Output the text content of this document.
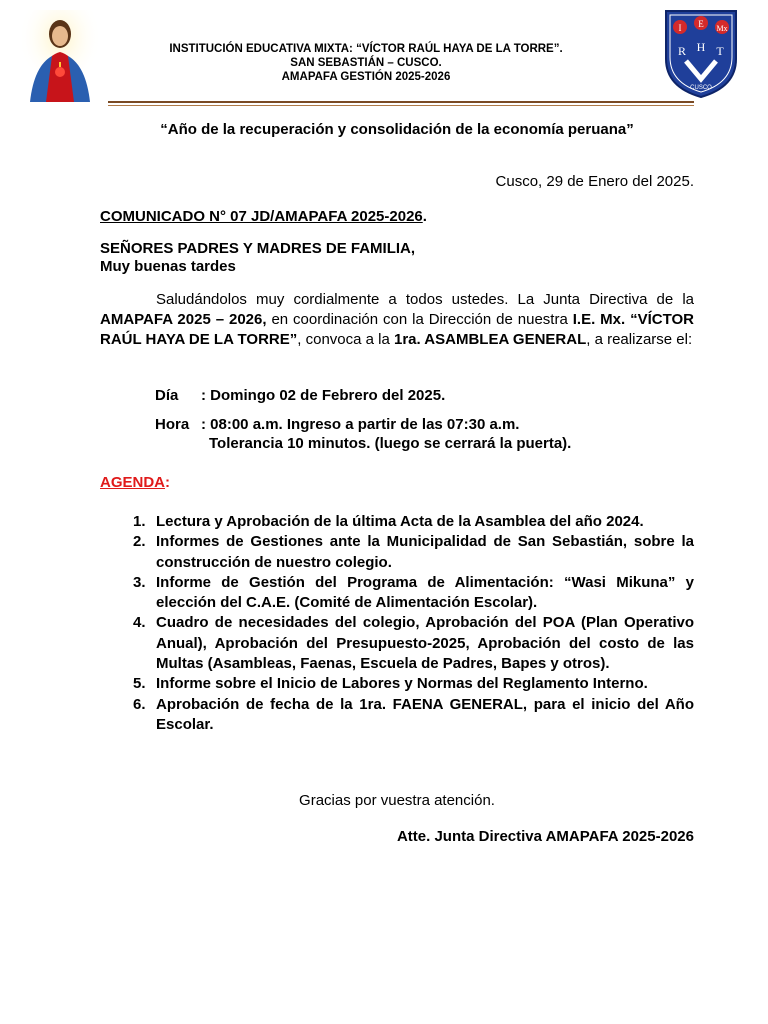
I E Mx
R H T
CUSCO
INSTITUCIÓN EDUCATIVA MIXTA: “VÍCTOR RAÚL HAYA DE LA TORRE”.
SAN SEBASTIÁN – CUSCO.
AMAPAFA GESTIÓN 2025-2026
“Año de la recuperación y consolidación de la economía peruana”
Cusco, 29 de Enero del 2025.
COMUNICADO N° 07 JD/AMAPAFA 2025-2026.
SEÑORES PADRES Y MADRES DE FAMILIA,
Muy buenas tardes
Saludándolos muy cordialmente a todos ustedes. La Junta Directiva de la AMAPAFA 2025 – 2026, en coordinación con la Dirección de nuestra I.E. Mx. “VÍCTOR RAÚL HAYA DE LA TORRE”, convoca a la 1ra. ASAMBLEA GENERAL, a realizarse el:
Día : Domingo 02 de Febrero del 2025.
Hora : 08:00 a.m. Ingreso a partir de las 07:30 a.m.
Tolerancia 10 minutos. (luego se cerrará la puerta).
AGENDA:
1. Lectura y Aprobación de la última Acta de la Asamblea del año 2024.
2. Informes de Gestiones ante la Municipalidad de San Sebastián, sobre la construcción de nuestro colegio.
3. Informe de Gestión del Programa de Alimentación: “Wasi Mikuna” y elección del C.A.E. (Comité de Alimentación Escolar).
4. Cuadro de necesidades del colegio, Aprobación del POA (Plan Operativo Anual), Aprobación del Presupuesto-2025, Aprobación del costo de las Multas (Asambleas, Faenas, Escuela de Padres, Bapes y otros).
5. Informe sobre el Inicio de Labores y Normas del Reglamento Interno.
6. Aprobación de fecha de la 1ra. FAENA GENERAL, para el inicio del Año Escolar.
Gracias por vuestra atención.
Atte. Junta Directiva AMAPAFA 2025-2026
